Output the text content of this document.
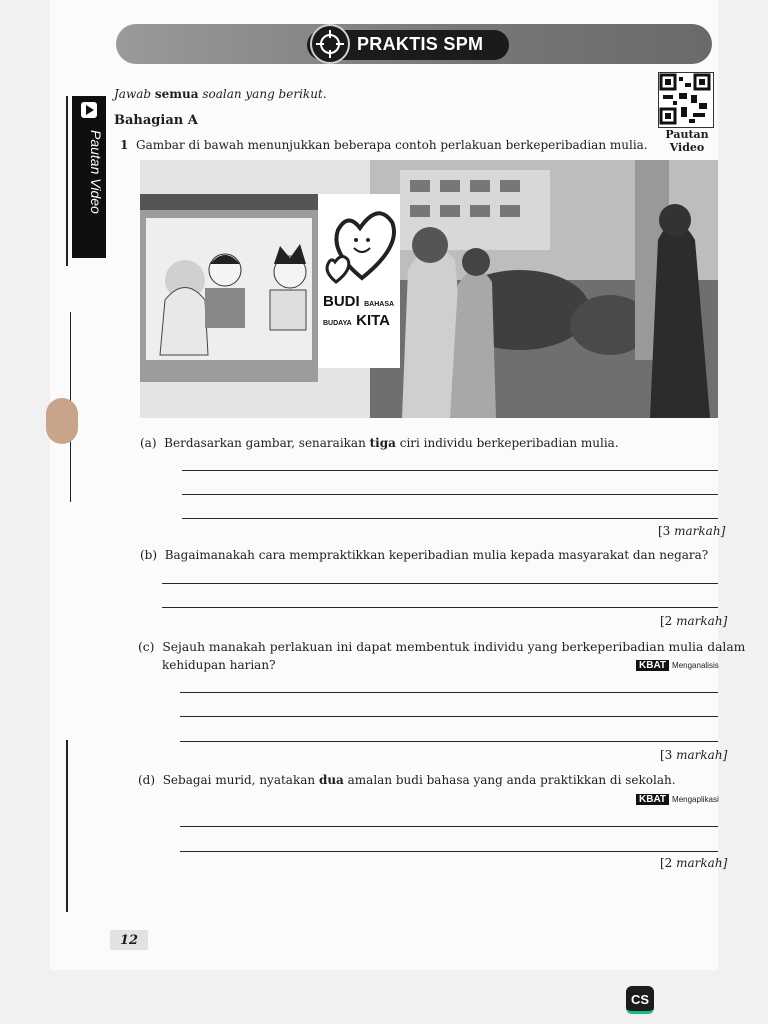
PRAKTIS SPM
Pautan Video	Pautan
Video
Jawab semua soalan yang berikut.
Bahagian A
1 Gambar di bawah menunjukkan beberapa contoh perlakuan berkeperibadian mulia.
BUDI BAHASA
BUDAYA KITA
(a) Berdasarkan gambar, senaraikan tiga ciri individu berkeperibadian mulia.
[3 markah]
(b) Bagaimanakah cara mempraktikkan keperibadian mulia kepada masyarakat dan negara?
[2 markah]
(c) Sejauh manakah perlakuan ini dapat membentuk individu yang berkeperibadian mulia dalam
kehidupan harian?	KBAT Menganalisis
[3 markah]
(d) Sebagai murid, nyatakan dua amalan budi bahasa yang anda praktikkan di sekolah.
KBAT Mengaplikasi
[2 markah]
12
CS
